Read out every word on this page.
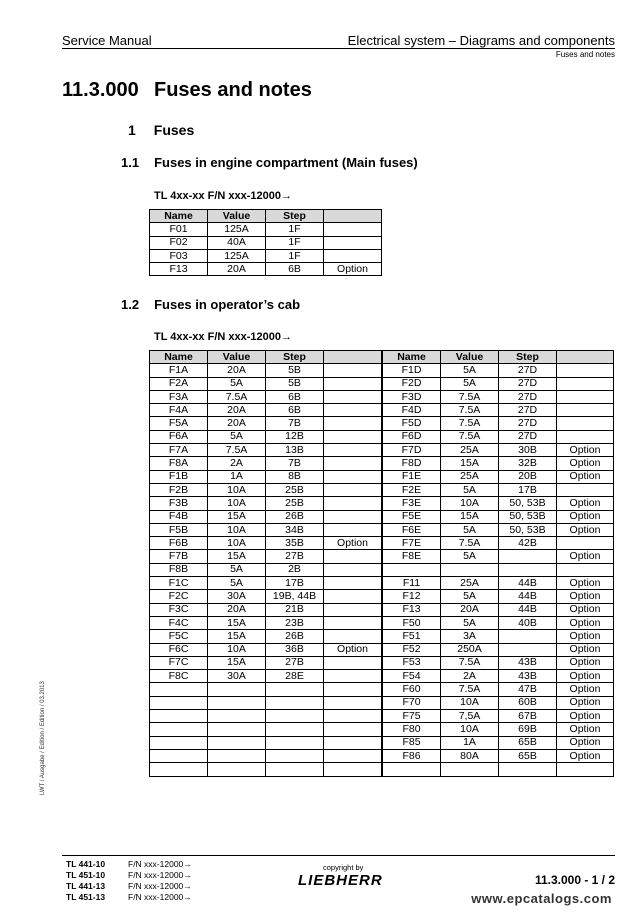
Service Manual	Electrical system – Diagrams and components
Fuses and notes
11.3.000 Fuses and notes
1 Fuses
1.1 Fuses in engine compartment (Main fuses)
TL 4xx-xx F/N xxx-12000→
Name	Value	Step	
F01	125A	1F	
F02	40A	1F	
F03	125A	1F	
F13	20A	6B	Option
1.2 Fuses in operator’s cab
TL 4xx-xx F/N xxx-12000→
Name	Value	Step			Name	Value	Step	
F1A	20A	5B			F1D	5A	27D	
F2A	5A	5B			F2D	5A	27D	
F3A	7.5A	6B			F3D	7.5A	27D	
F4A	20A	6B			F4D	7.5A	27D	
F5A	20A	7B			F5D	7.5A	27D	
F6A	5A	12B			F6D	7.5A	27D	
F7A	7.5A	13B			F7D	25A	30B	Option
F8A	2A	7B			F8D	15A	32B	Option
F1B	1A	8B			F1E	25A	20B	Option
F2B	10A	25B			F2E	5A	17B	
F3B	10A	25B			F3E	10A	50, 53B	Option
F4B	15A	26B			F5E	15A	50, 53B	Option
F5B	10A	34B			F6E	5A	50, 53B	Option
F6B	10A	35B	Option		F7E	7.5A	42B	
F7B	15A	27B			F8E	5A		Option
F8B	5A	2B						
F1C	5A	17B			F11	25A	44B	Option
F2C	30A	19B, 44B			F12	5A	44B	Option
F3C	20A	21B			F13	20A	44B	Option
F4C	15A	23B			F50	5A	40B	Option
F5C	15A	26B			F51	3A		Option
F6C	10A	36B	Option		F52	250A		Option
F7C	15A	27B			F53	7.5A	43B	Option
F8C	30A	28E			F54	2A	43B	Option
					F60	7.5A	47B	Option
					F70	10A	60B	Option
					F75	7,5A	67B	Option
					F80	10A	69B	Option
					F85	1A	65B	Option
					F86	80A	65B	Option

LWT / Ausgabe / Edition / Edition / 03.2013
TL 441-10	F/N xxx-12000→
TL 451-10	F/N xxx-12000→
TL 441-13	F/N xxx-12000→
TL 451-13	F/N xxx-12000→
copyright by
LIEBHERR	11.3.000 - 1 / 2
www.epcatalogs.com
